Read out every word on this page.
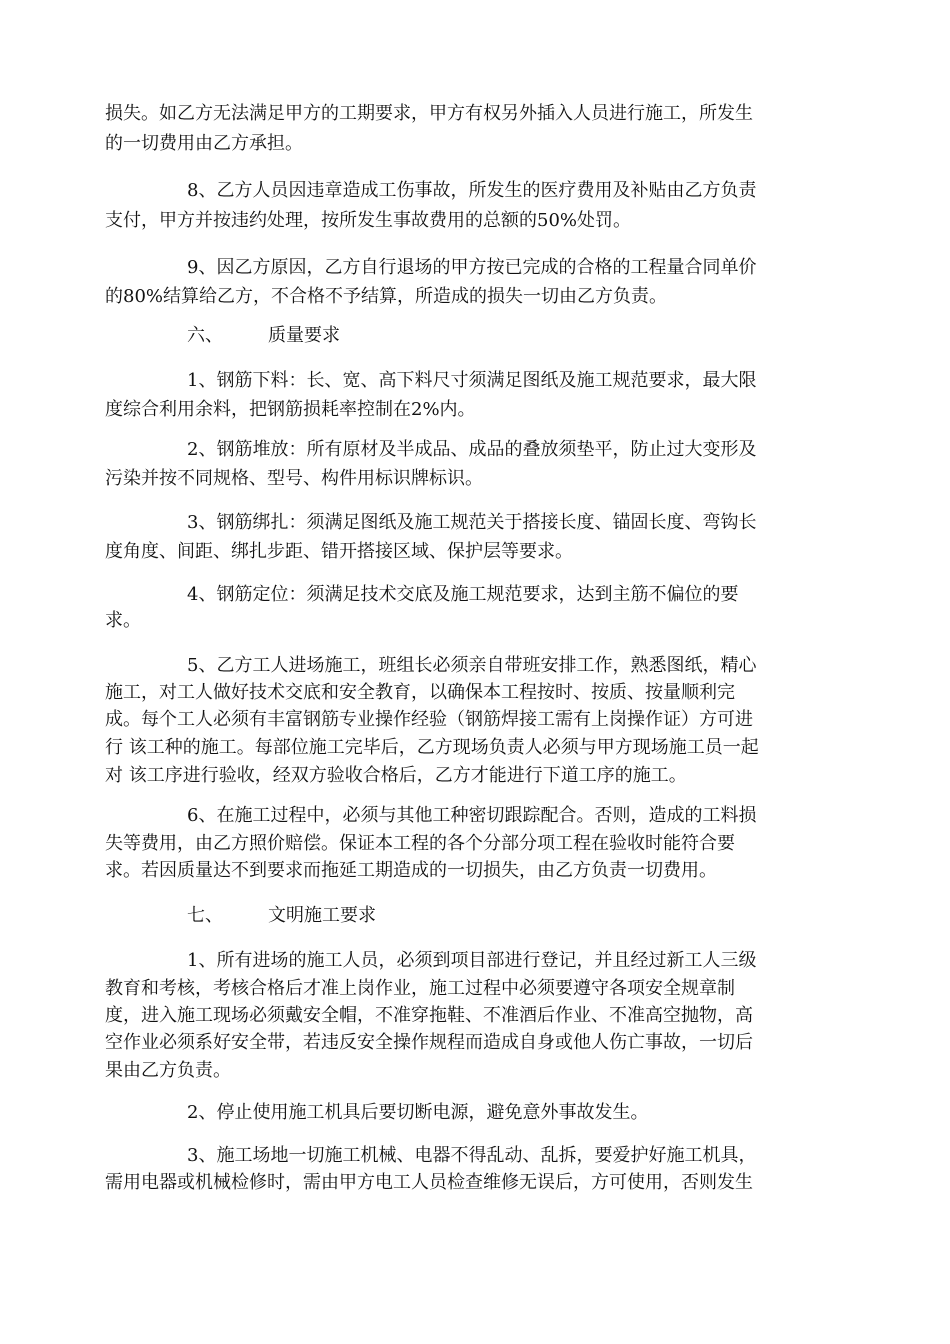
损失。如乙方无法满足甲方的工期要求，甲方有权另外插入人员进行施工，所发生
的一切费用由乙方承担。
8、乙方人员因违章造成工伤事故，所发生的医疗费用及补贴由乙方负责
支付，甲方并按违约处理，按所发生事故费用的总额的50%处罚。
9、因乙方原因，乙方自行退场的甲方按已完成的合格的工程量合同单价
的80%结算给乙方，不合格不予结算，所造成的损失一切由乙方负责。
六、	质量要求
1、钢筋下料：长、宽、高下料尺寸须满足图纸及施工规范要求，最大限
度综合利用余料，把钢筋损耗率控制在2%内。
2、钢筋堆放：所有原材及半成品、成品的叠放须垫平，防止过大变形及
污染并按不同规格、型号、构件用标识牌标识。
3、钢筋绑扎：须满足图纸及施工规范关于搭接长度、锚固长度、弯钩长
度角度、间距、绑扎步距、错开搭接区域、保护层等要求。
4、钢筋定位：须满足技术交底及施工规范要求，达到主筋不偏位的要
求。
5、乙方工人进场施工，班组长必须亲自带班安排工作，熟悉图纸，精心
施工，对工人做好技术交底和安全教育，以确保本工程按时、按质、按量顺利完
成。每个工人必须有丰富钢筋专业操作经验（钢筋焊接工需有上岗操作证）方可进
行 该工种的施工。每部位施工完毕后，乙方现场负责人必须与甲方现场施工员一起
对 该工序进行验收，经双方验收合格后，乙方才能进行下道工序的施工。
6、在施工过程中，必须与其他工种密切跟踪配合。否则，造成的工料损
失等费用，由乙方照价赔偿。保证本工程的各个分部分项工程在验收时能符合要
求。若因质量达不到要求而拖延工期造成的一切损失，由乙方负责一切费用。
七、	文明施工要求
1、所有进场的施工人员，必须到项目部进行登记，并且经过新工人三级
教育和考核，考核合格后才准上岗作业，施工过程中必须要遵守各项安全规章制
度，进入施工现场必须戴安全帽，不准穿拖鞋、不准酒后作业、不准高空抛物，高
空作业必须系好安全带，若违反安全操作规程而造成自身或他人伤亡事故，一切后
果由乙方负责。
2、停止使用施工机具后要切断电源，避免意外事故发生。
3、施工场地一切施工机械、电器不得乱动、乱拆，要爱护好施工机具，
需用电器或机械检修时，需由甲方电工人员检查维修无误后，方可使用，否则发生
